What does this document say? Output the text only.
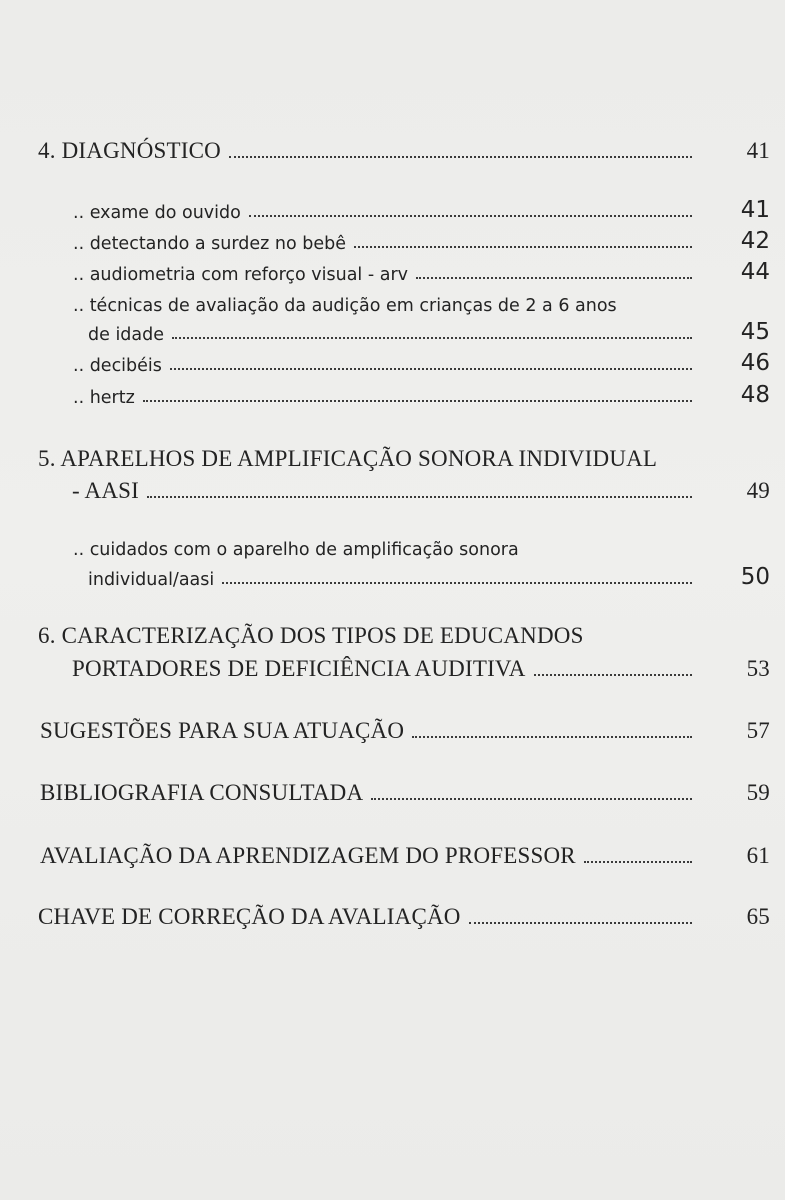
4. DIAGNÓSTICO	41
.. exame do ouvido	41
.. detectando a surdez no bebê	42
.. audiometria com reforço visual - arv	44
.. técnicas de avaliação da audição em crianças de 2 a 6 anos
de idade	45
.. decibéis	46
.. hertz	48
5. APARELHOS DE AMPLIFICAÇÃO SONORA INDIVIDUAL
- AASI	49
.. cuidados com o aparelho de amplificação sonora
individual/aasi	50
6. CARACTERIZAÇÃO DOS TIPOS DE EDUCANDOS
PORTADORES DE DEFICIÊNCIA AUDITIVA	53
SUGESTÕES PARA SUA ATUAÇÃO	57
BIBLIOGRAFIA CONSULTADA	59
AVALIAÇÃO DA APRENDIZAGEM DO PROFESSOR	61
CHAVE DE CORREÇÃO DA AVALIAÇÃO	65
